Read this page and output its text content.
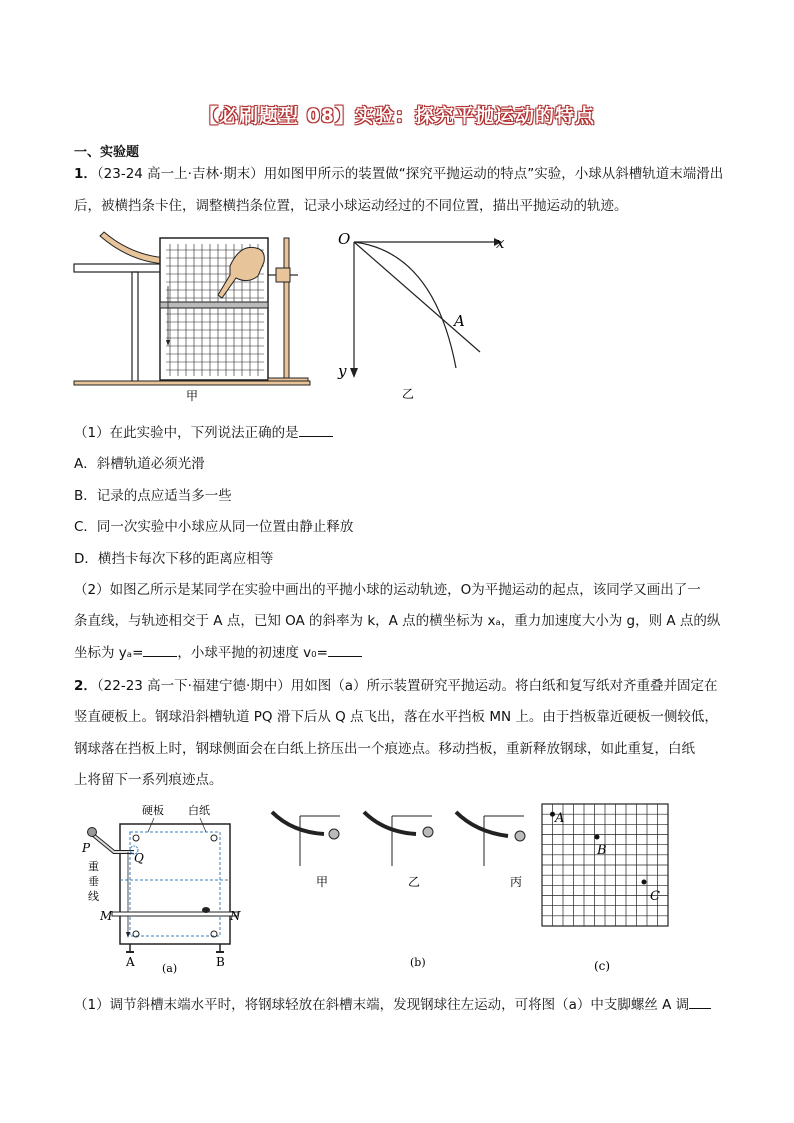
【必刷题型 08】实验：探究平抛运动的特点
一、实验题
1．（23-24 高一上·吉林·期末）用如图甲所示的装置做“探究平抛运动的特点”实验，小球从斜槽轨道末端滑出
后，被横挡条卡住，调整横挡条位置，记录小球运动经过的不同位置，描出平抛运动的轨迹。
甲
O	x
y
A
乙
（1）在此实验中，下列说法正确的是
A．斜槽轨道必须光滑
B．记录的点应适当多一些
C．同一次实验中小球应从同一位置由静止释放
D．横挡卡每次下移的距离应相等
（2）如图乙所示是某同学在实验中画出的平抛小球的运动轨迹，O为平抛运动的起点，该同学又画出了一
条直线，与轨迹相交于 A 点，已知 OA 的斜率为 k，A 点的横坐标为 xₐ，重力加速度大小为 g，则 A 点的纵
坐标为 yₐ=	，小球平抛的初速度 v₀=
2．（22-23 高一下·福建宁德·期中）用如图（a）所示装置研究平抛运动。将白纸和复写纸对齐重叠并固定在
竖直硬板上。钢球沿斜槽轨道 PQ 滑下后从 Q 点飞出，落在水平挡板 MN 上。由于挡板靠近硬板一侧较低，
钢球落在挡板上时，钢球侧面会在白纸上挤压出一个痕迹点。移动挡板，重新释放钢球，如此重复，白纸
上将留下一系列痕迹点。
硬板 白纸
重
垂
线
P
Q
M	N
A	B
(a)
甲	乙	丙
(b)
A
B
C
(c)
（1）调节斜槽末端水平时，将钢球轻放在斜槽末端，发现钢球往左运动，可将图（a）中支脚螺丝 A 调
